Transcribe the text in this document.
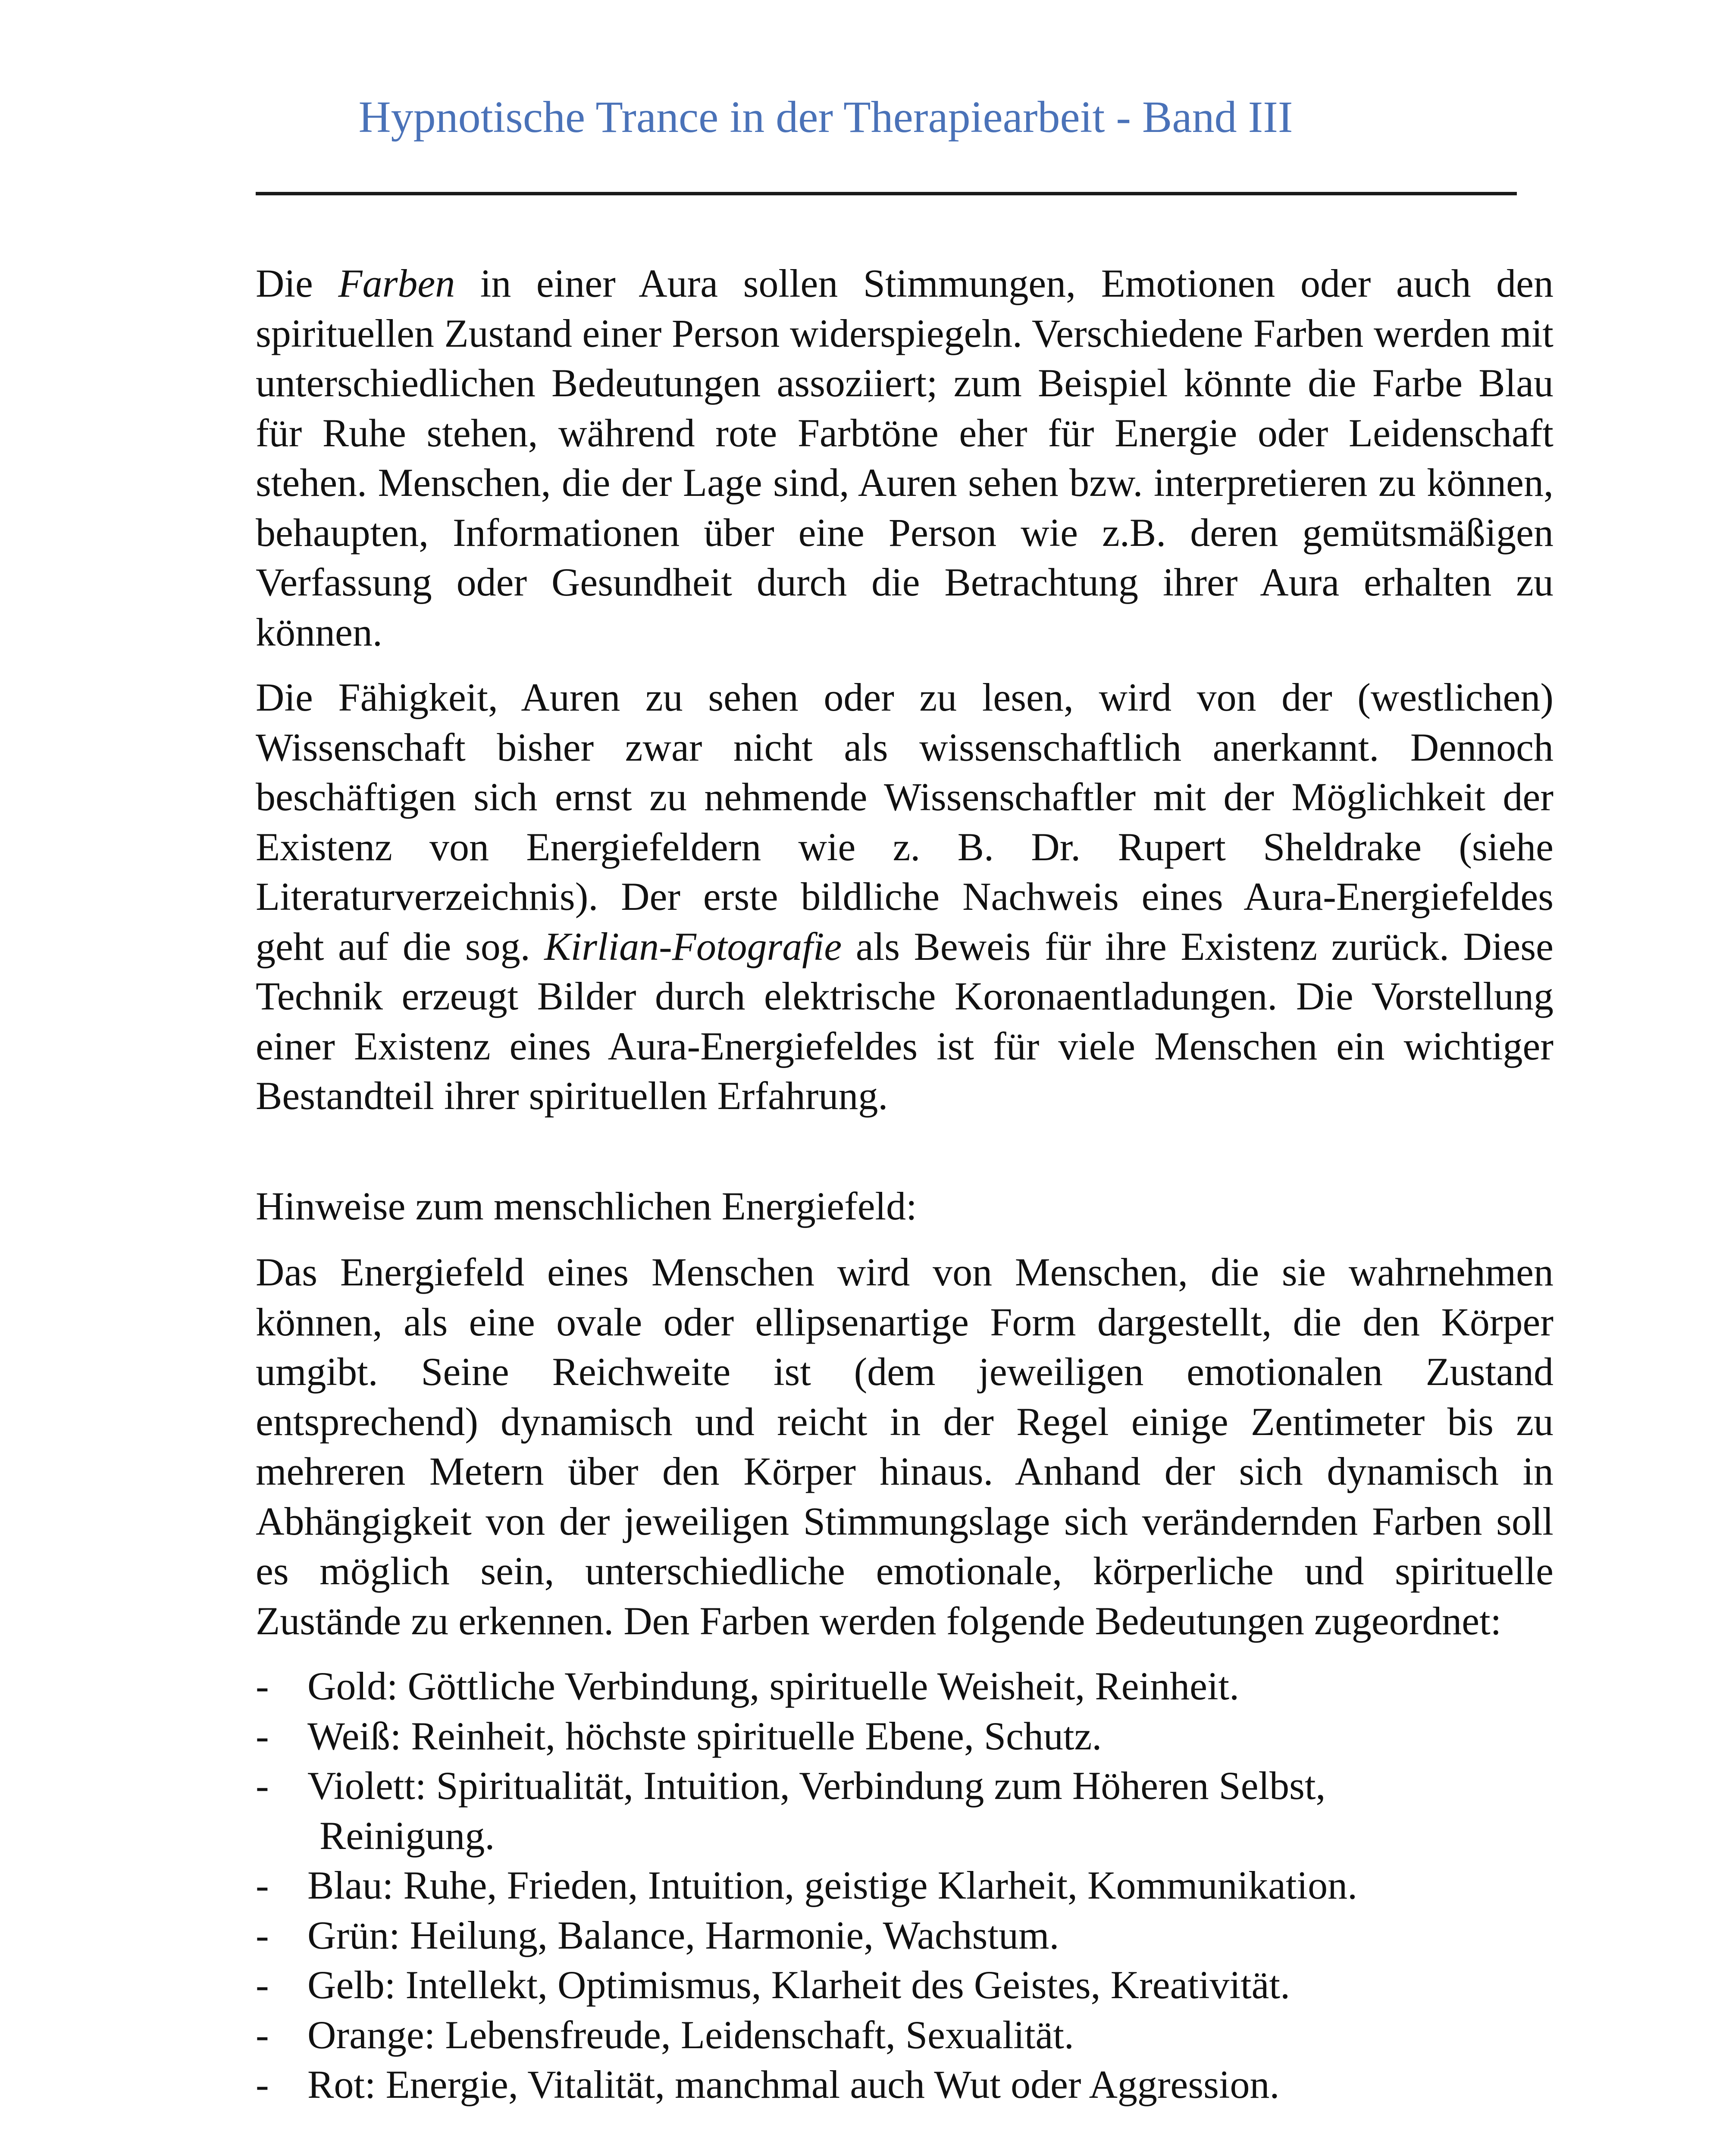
Hypnotische Trance in der Therapiearbeit - Band III

Die Farben in einer Aura sollen Stimmungen, Emotionen oder auch den spirituellen Zustand einer Person widerspiegeln. Verschiedene Farben werden mit unterschiedlichen Bedeutungen assoziiert; zum Beispiel könnte die Farbe Blau für Ruhe stehen, während rote Farbtöne eher für Energie oder Leidenschaft stehen. Menschen, die der Lage sind, Auren sehen bzw. interpretieren zu können, behaupten, Informationen über eine Person wie z.B. deren gemütsmäßigen Verfassung oder Gesundheit durch die Betrachtung ihrer Aura erhalten zu können.

Die Fähigkeit, Auren zu sehen oder zu lesen, wird von der (westlichen) Wissenschaft bisher zwar nicht als wissenschaftlich anerkannt. Dennoch beschäftigen sich ernst zu nehmende Wissenschaftler mit der Möglichkeit der Existenz von Energiefeldern wie z. B. Dr. Rupert Sheldrake (siehe Literaturverzeichnis). Der erste bildliche Nachweis eines Aura-Energiefeldes geht auf die sog. Kirlian-Fotografie als Beweis für ihre Existenz zurück. Diese Technik erzeugt Bilder durch elektrische Koronaentladungen. Die Vorstellung einer Existenz eines Aura-Energiefeldes ist für viele Menschen ein wichtiger Bestandteil ihrer spirituellen Erfahrung.

Hinweise zum menschlichen Energiefeld:

Das Energiefeld eines Menschen wird von Menschen, die sie wahrnehmen können, als eine ovale oder ellipsenartige Form dargestellt, die den Körper umgibt. Seine Reichweite ist (dem jeweiligen emotionalen Zustand entsprechend) dynamisch und reicht in der Regel einige Zentimeter bis zu mehreren Metern über den Körper hinaus. Anhand der sich dynamisch in Abhängigkeit von der jeweiligen Stimmungslage sich verändernden Farben soll es möglich sein, unterschiedliche emotionale, körperliche und spirituelle Zustände zu erkennen. Den Farben werden folgende Bedeutungen zugeordnet:

- Gold: Göttliche Verbindung, spirituelle Weisheit, Reinheit.
- Weiß: Reinheit, höchste spirituelle Ebene, Schutz.
- Violett: Spiritualität, Intuition, Verbindung zum Höheren Selbst,
Reinigung.
- Blau: Ruhe, Frieden, Intuition, geistige Klarheit, Kommunikation.
- Grün: Heilung, Balance, Harmonie, Wachstum.
- Gelb: Intellekt, Optimismus, Klarheit des Geistes, Kreativität.
- Orange: Lebensfreude, Leidenschaft, Sexualität.
- Rot: Energie, Vitalität, manchmal auch Wut oder Aggression.
